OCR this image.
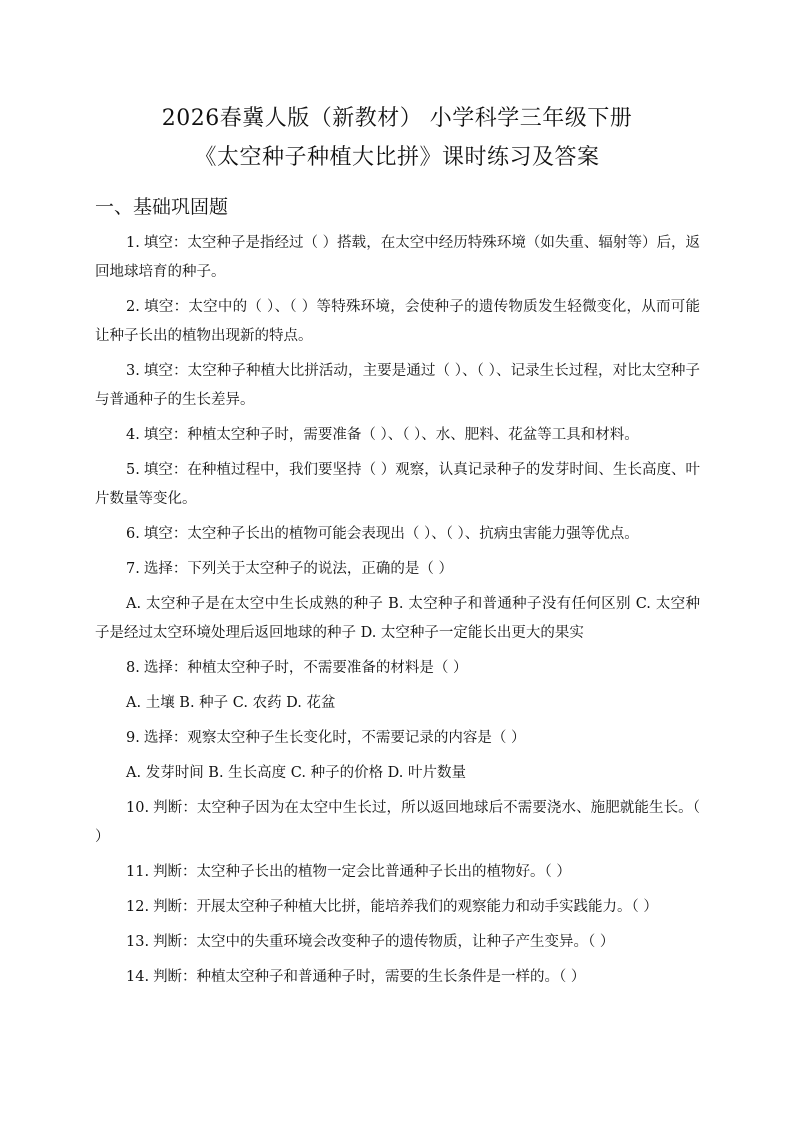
2026春冀人版（新教材） 小学科学三年级下册
《太空种子种植大比拼》课时练习及答案
一、基础巩固题

1. 填空：太空种子是指经过（ ）搭载，在太空中经历特殊环境（如失重、辐射等）后，返回地球培育的种子。

2. 填空：太空中的（ ）、（ ）等特殊环境，会使种子的遗传物质发生轻微变化，从而可能让种子长出的植物出现新的特点。

3. 填空：太空种子种植大比拼活动，主要是通过（ ）、（ ）、记录生长过程，对比太空种子与普通种子的生长差异。

4. 填空：种植太空种子时，需要准备（ ）、（ ）、水、肥料、花盆等工具和材料。

5. 填空：在种植过程中，我们要坚持（ ）观察，认真记录种子的发芽时间、生长高度、叶片数量等变化。

6. 填空：太空种子长出的植物可能会表现出（ ）、（ ）、抗病虫害能力强等优点。

7. 选择：下列关于太空种子的说法，正确的是（ ）

A. 太空种子是在太空中生长成熟的种子 B. 太空种子和普通种子没有任何区别 C. 太空种子是经过太空环境处理后返回地球的种子 D. 太空种子一定能长出更大的果实

8. 选择：种植太空种子时，不需要准备的材料是（ ）

A. 土壤 B. 种子 C. 农药 D. 花盆

9. 选择：观察太空种子生长变化时，不需要记录的内容是（ ）

A. 发芽时间 B. 生长高度 C. 种子的价格 D. 叶片数量

10. 判断：太空种子因为在太空中生长过，所以返回地球后不需要浇水、施肥就能生长。（ ）

11. 判断：太空种子长出的植物一定会比普通种子长出的植物好。（ ）

12. 判断：开展太空种子种植大比拼，能培养我们的观察能力和动手实践能力。（ ）

13. 判断：太空中的失重环境会改变种子的遗传物质，让种子产生变异。（ ）

14. 判断：种植太空种子和普通种子时，需要的生长条件是一样的。（ ）
